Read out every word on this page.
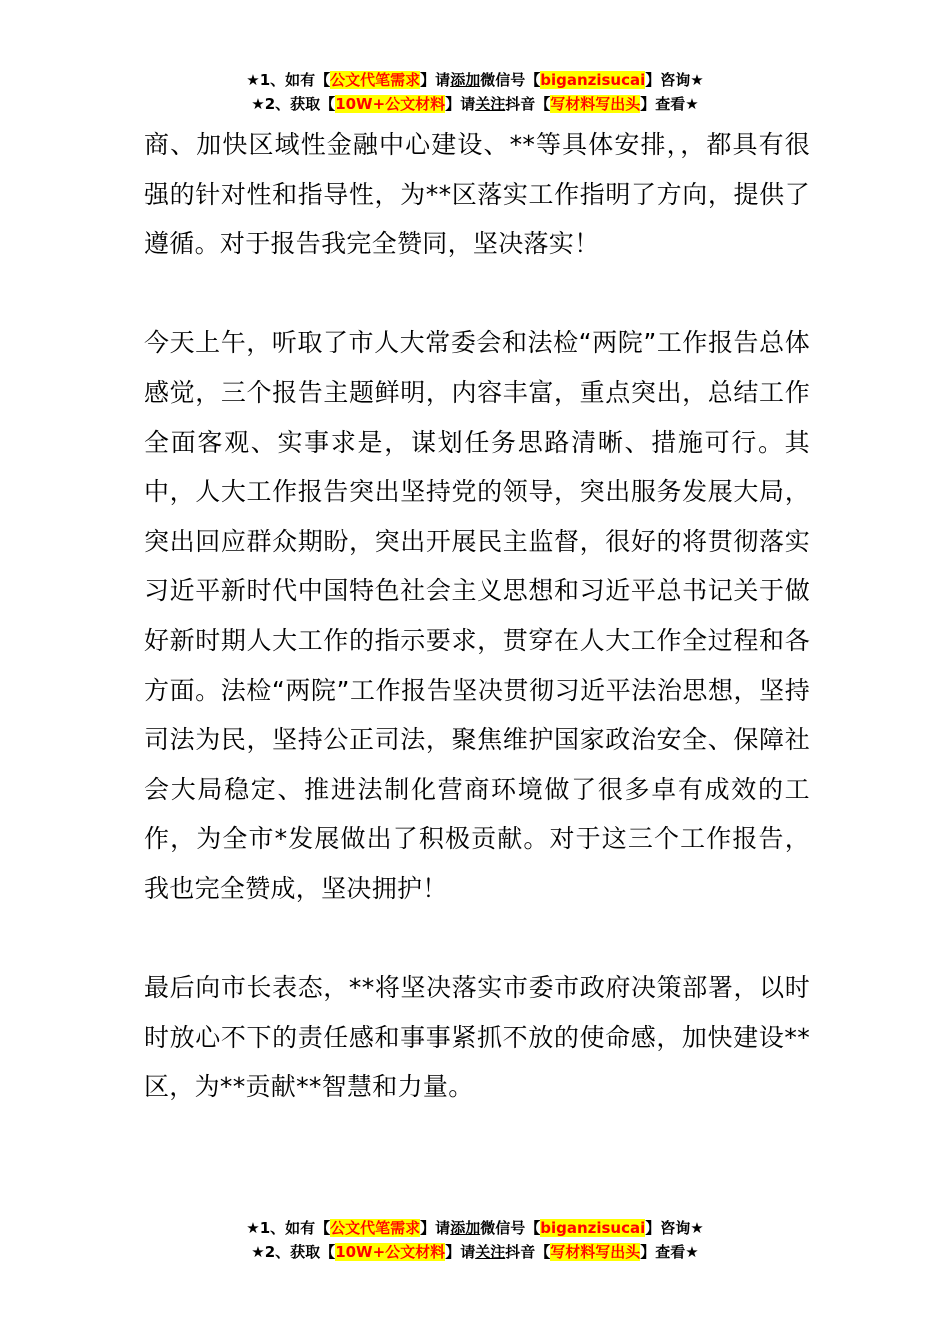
★1、如有【公文代笔需求】请添加微信号【biganzisucai】咨询★
★2、获取【10W+公文材料】请关注抖音【写材料写出头】查看★

商、加快区域性金融中心建设、**等具体安排，，都具有很强的针对性和指导性，为**区落实工作指明了方向，提供了遵循。对于报告我完全赞同，坚决落实！

今天上午，听取了市人大常委会和法检“两院”工作报告总体感觉，三个报告主题鲜明，内容丰富，重点突出，总结工作全面客观、实事求是，谋划任务思路清晰、措施可行。其中，人大工作报告突出坚持党的领导，突出服务发展大局，突出回应群众期盼，突出开展民主监督，很好的将贯彻落实习近平新时代中国特色社会主义思想和习近平总书记关于做好新时期人大工作的指示要求，贯穿在人大工作全过程和各方面。法检“两院”工作报告坚决贯彻习近平法治思想，坚持司法为民，坚持公正司法，聚焦维护国家政治安全、保障社会大局稳定、推进法制化营商环境做了很多卓有成效的工作，为全市*发展做出了积极贡献。对于这三个工作报告，我也完全赞成，坚决拥护！

最后向市长表态，**将坚决落实市委市政府决策部署，以时时放心不下的责任感和事事紧抓不放的使命感，加快建设**区，为**贡献**智慧和力量。

★1、如有【公文代笔需求】请添加微信号【biganzisucai】咨询★
★2、获取【10W+公文材料】请关注抖音【写材料写出头】查看★
